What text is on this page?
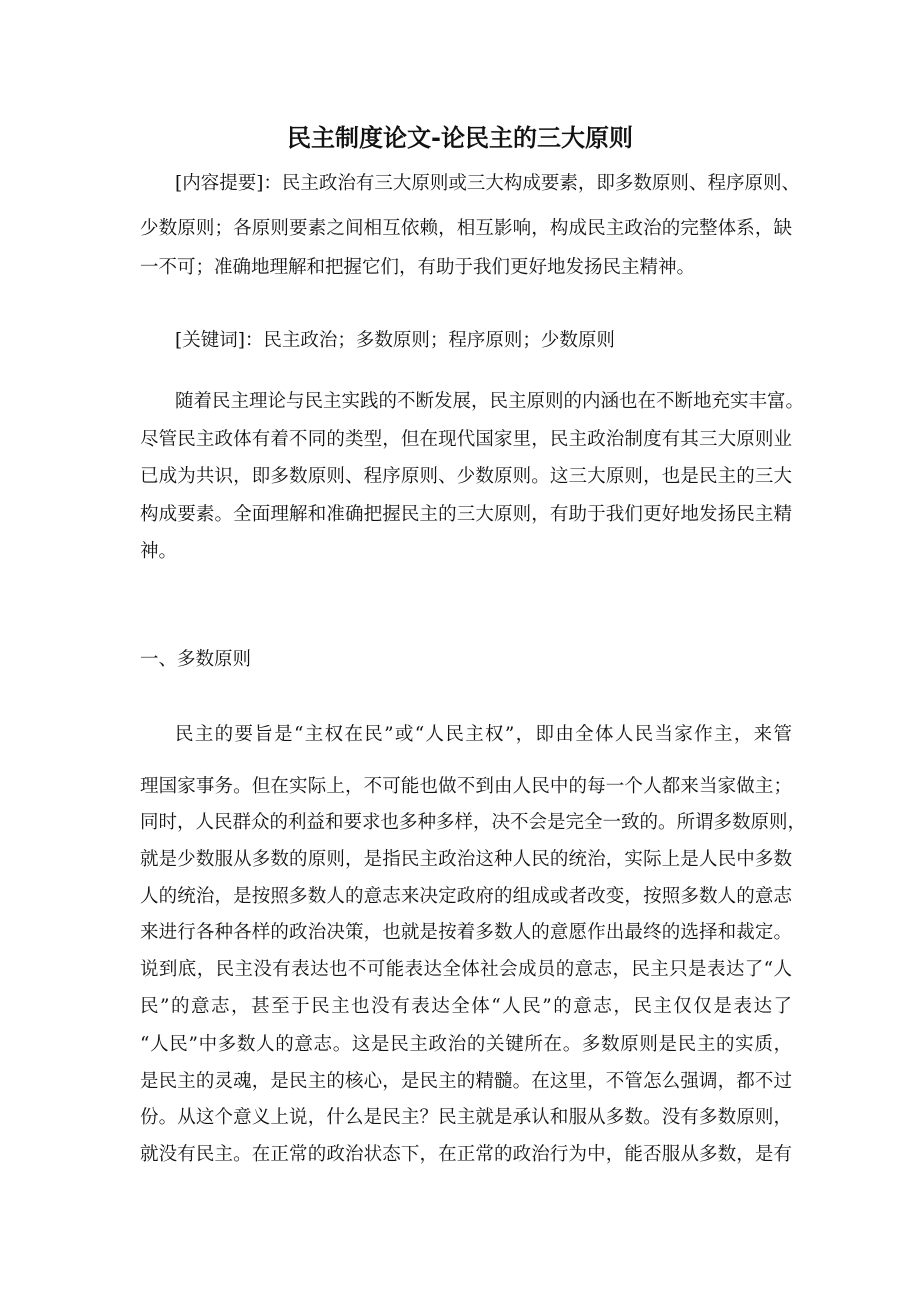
民主制度论文-论民主的三大原则
[内容提要]：民主政治有三大原则或三大构成要素，即多数原则、程序原则、
少数原则；各原则要素之间相互依赖，相互影响，构成民主政治的完整体系，缺
一不可；准确地理解和把握它们，有助于我们更好地发扬民主精神。
[关键词]：民主政治；多数原则；程序原则；少数原则
随着民主理论与民主实践的不断发展，民主原则的内涵也在不断地充实丰富。
尽管民主政体有着不同的类型，但在现代国家里，民主政治制度有其三大原则业
已成为共识，即多数原则、程序原则、少数原则。这三大原则，也是民主的三大
构成要素。全面理解和准确把握民主的三大原则，有助于我们更好地发扬民主精
神。
一、多数原则
民主的要旨是“主权在民”或“人民主权”，即由全体人民当家作主，来管
理国家事务。但在实际上，不可能也做不到由人民中的每一个人都来当家做主；
同时，人民群众的利益和要求也多种多样，决不会是完全一致的。所谓多数原则，
就是少数服从多数的原则，是指民主政治这种人民的统治，实际上是人民中多数
人的统治，是按照多数人的意志来决定政府的组成或者改变，按照多数人的意志
来进行各种各样的政治决策，也就是按着多数人的意愿作出最终的选择和裁定。
说到底，民主没有表达也不可能表达全体社会成员的意志，民主只是表达了“人
民”的意志，甚至于民主也没有表达全体“人民”的意志，民主仅仅是表达了
“人民”中多数人的意志。这是民主政治的关键所在。多数原则是民主的实质，
是民主的灵魂，是民主的核心，是民主的精髓。在这里，不管怎么强调，都不过
份。从这个意义上说，什么是民主？民主就是承认和服从多数。没有多数原则，
就没有民主。在正常的政治状态下，在正常的政治行为中，能否服从多数，是有
